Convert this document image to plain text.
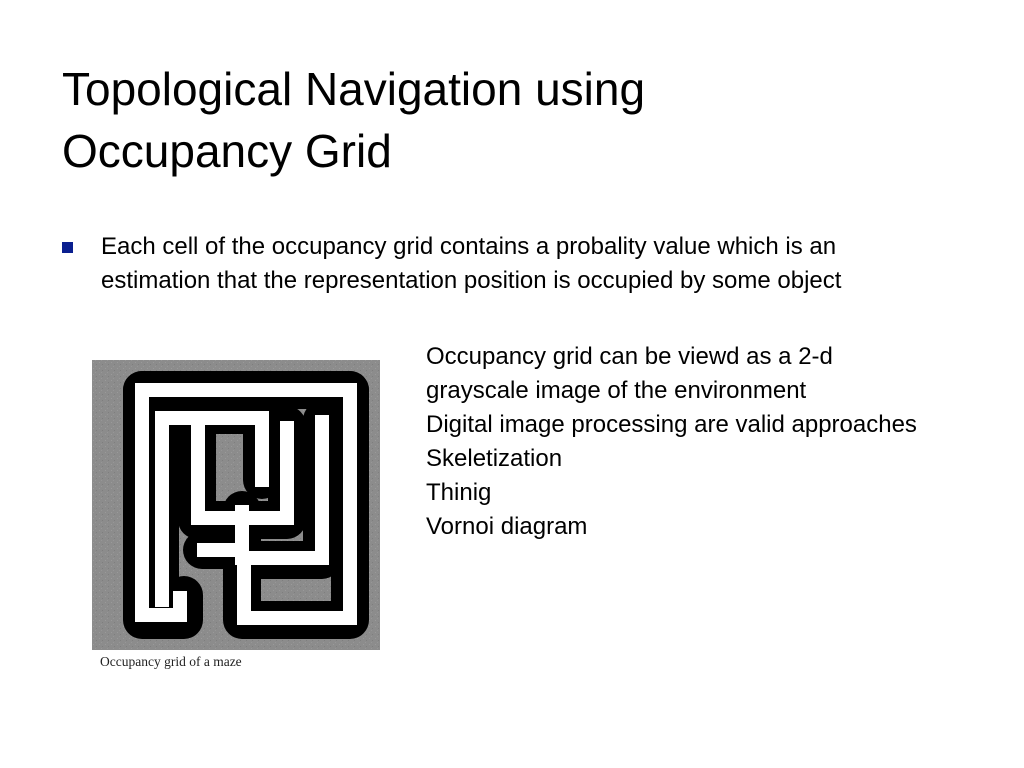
Topological Navigation using
Occupancy Grid
Each cell of the occupancy grid contains a probality value which is an estimation that the representation position is occupied by some object
Occupancy grid of a maze
Occupancy grid can be viewd as a 2-d
grayscale image of the environment
Digital image processing are valid approaches
Skeletization
Thinig
Vornoi diagram
